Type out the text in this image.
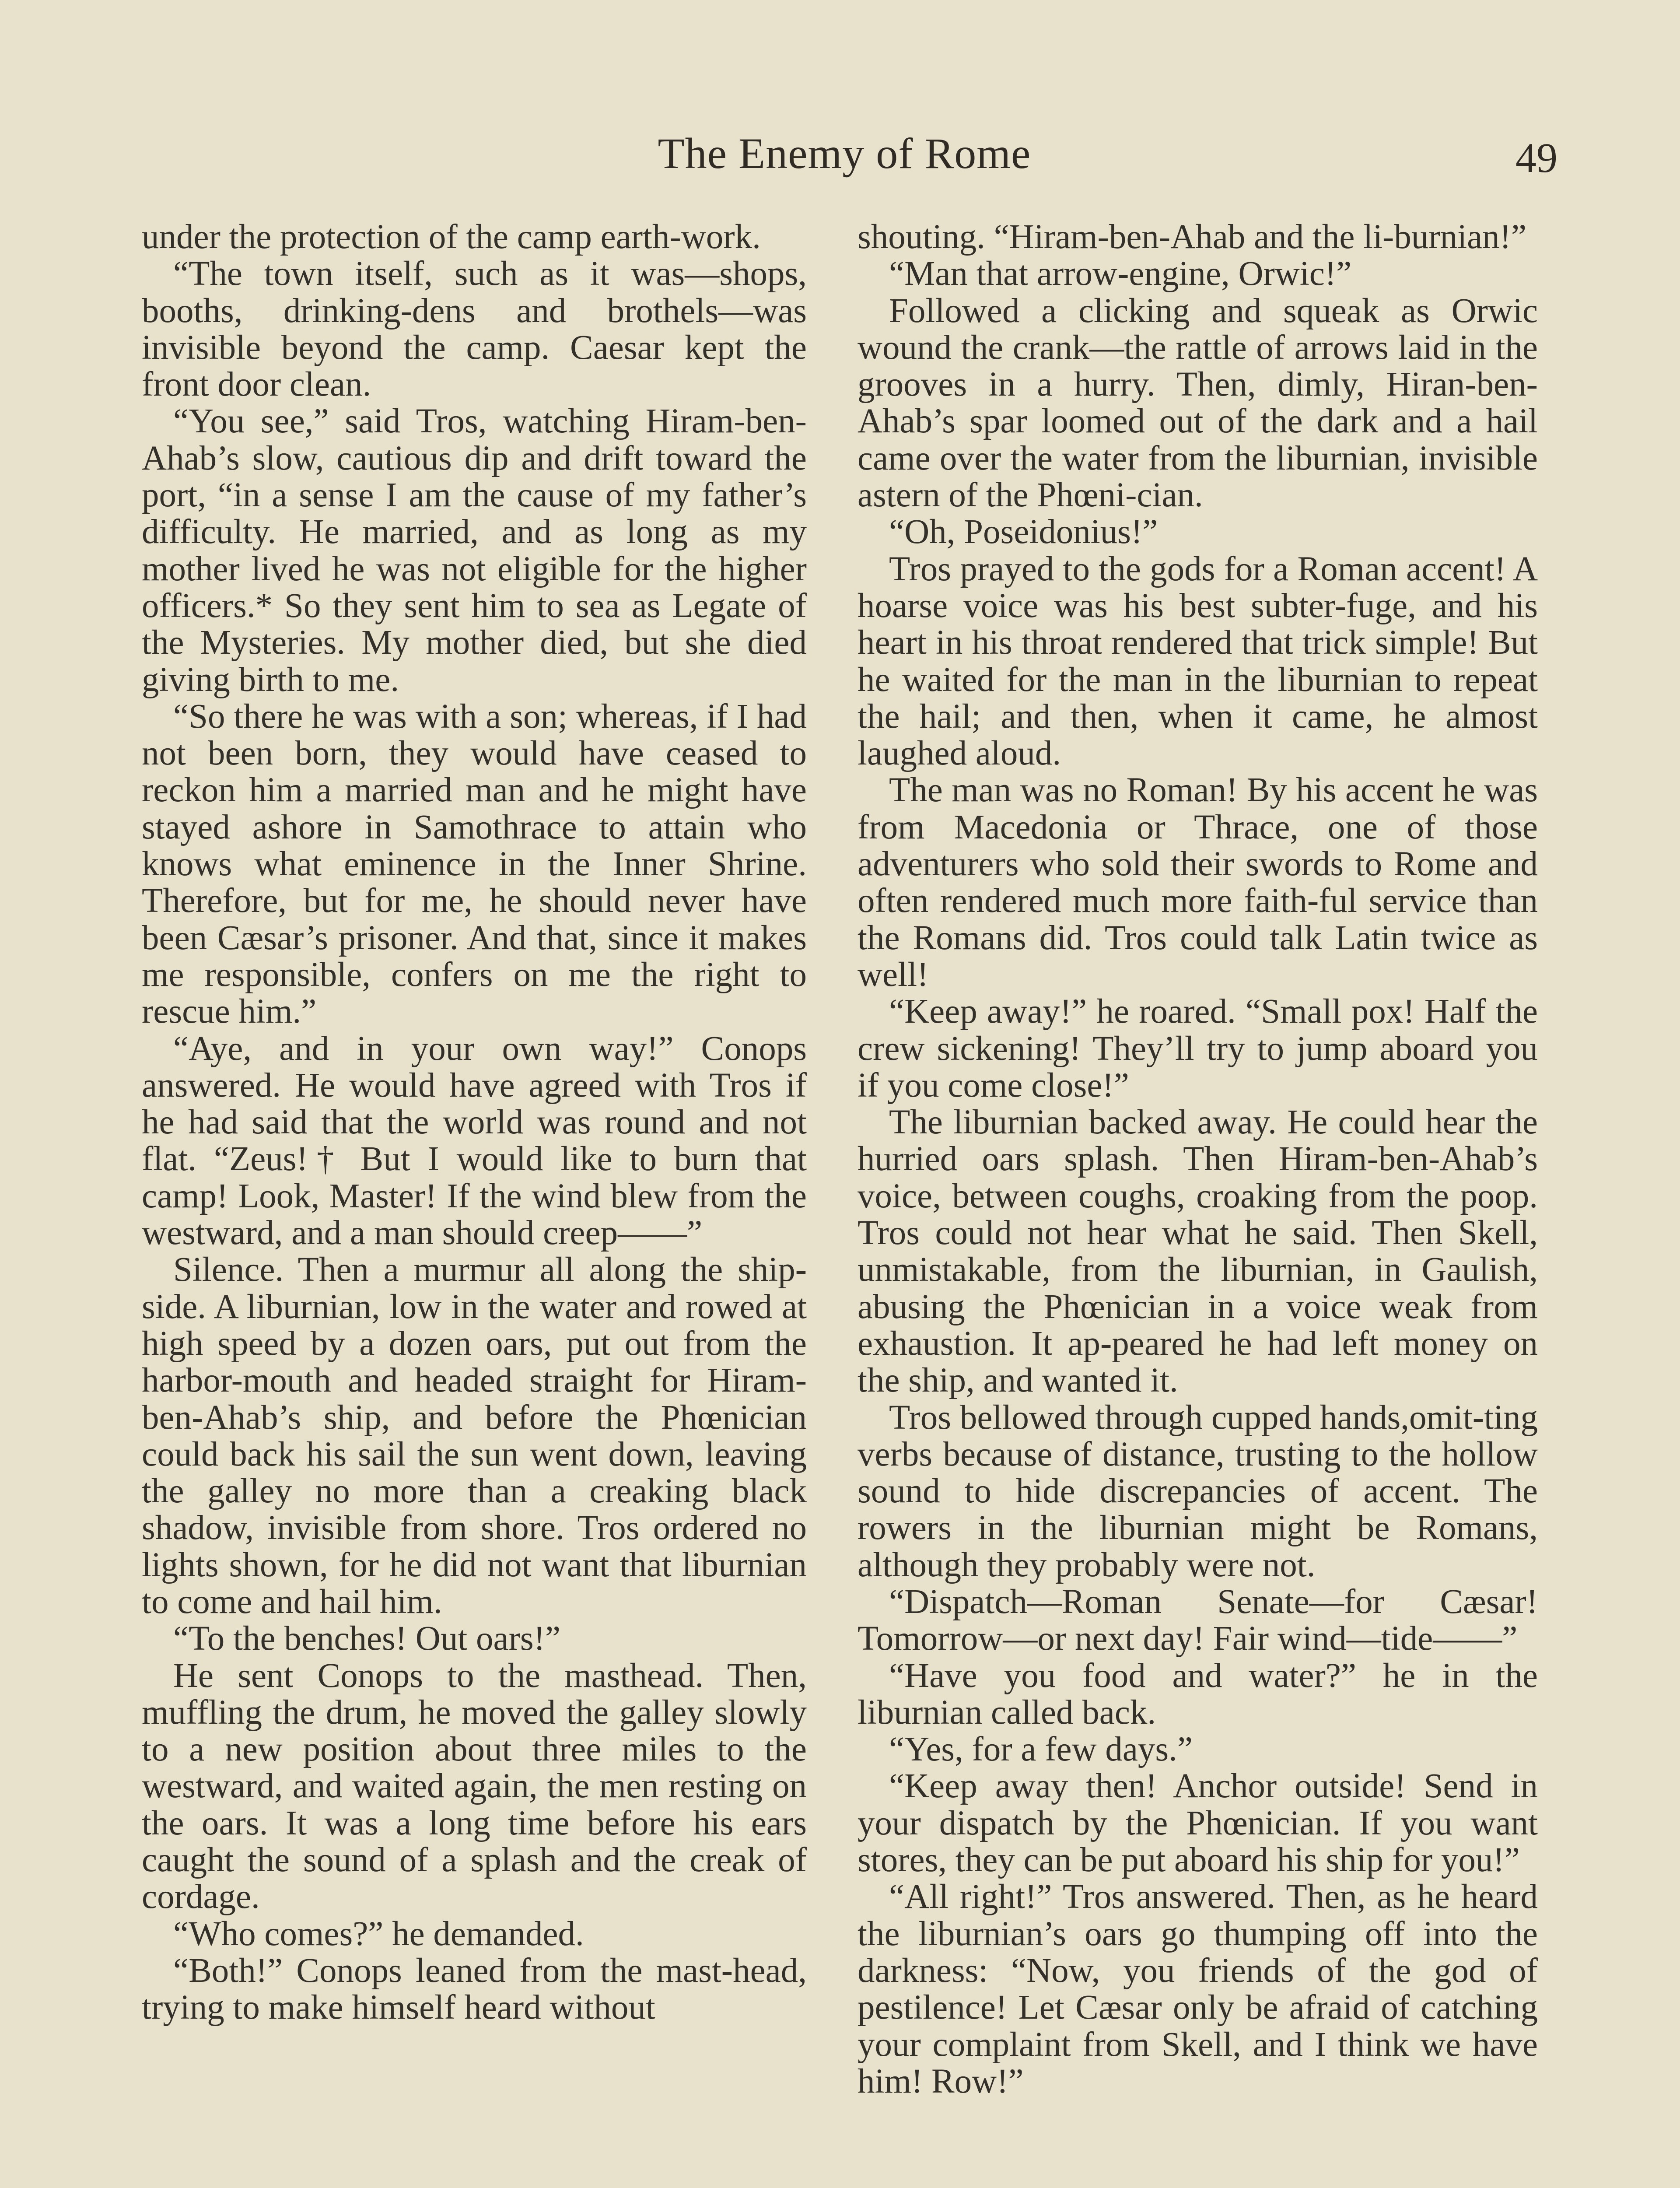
The Enemy of Rome	49

under the protection of the camp earth-work.

“The town itself, such as it was—shops, booths, drinking-dens and brothels—was invisible beyond the camp. Caesar kept the front door clean.

“You see,” said Tros, watching Hiram-ben-Ahab’s slow, cautious dip and drift toward the port, “in a sense I am the cause of my father’s difficulty. He married, and as long as my mother lived he was not eligible for the higher officers.* So they sent him to sea as Legate of the Mysteries. My mother died, but she died giving birth to me.

“So there he was with a son; whereas, if I had not been born, they would have ceased to reckon him a married man and he might have stayed ashore in Samothrace to attain who knows what eminence in the Inner Shrine. Therefore, but for me, he should never have been Cæsar’s prisoner. And that, since it makes me responsible, confers on me the right to rescue him.”

“Aye, and in your own way!” Conops answered. He would have agreed with Tros if he had said that the world was round and not flat. “Zeus!† But I would like to burn that camp! Look, Master! If the wind blew from the westward, and a man should creep——”

Silence. Then a murmur all along the ship-side. A liburnian, low in the water and rowed at high speed by a dozen oars, put out from the harbor-mouth and headed straight for Hiram-ben-Ahab’s ship, and before the Phœnician could back his sail the sun went down, leaving the galley no more than a creaking black shadow, invisible from shore. Tros ordered no lights shown, for he did not want that liburnian to come and hail him.

“To the benches! Out oars!”

He sent Conops to the masthead. Then, muffling the drum, he moved the galley slowly to a new position about three miles to the westward, and waited again, the men resting on the oars. It was a long time before his ears caught the sound of a splash and the creak of cordage.

“Who comes?” he demanded.

“Both!” Conops leaned from the mast-head, trying to make himself heard without

shouting. “Hiram-ben-Ahab and the li-burnian!”

“Man that arrow-engine, Orwic!”

Followed a clicking and squeak as Orwic wound the crank—the rattle of arrows laid in the grooves in a hurry. Then, dimly, Hiran-ben-Ahab’s spar loomed out of the dark and a hail came over the water from the liburnian, invisible astern of the Phœni-cian.

“Oh, Poseidonius!”

Tros prayed to the gods for a Roman accent! A hoarse voice was his best subter-fuge, and his heart in his throat rendered that trick simple! But he waited for the man in the liburnian to repeat the hail; and then, when it came, he almost laughed aloud.

The man was no Roman! By his accent he was from Macedonia or Thrace, one of those adventurers who sold their swords to Rome and often rendered much more faith-ful service than the Romans did. Tros could talk Latin twice as well!

“Keep away!” he roared. “Small pox! Half the crew sickening! They’ll try to jump aboard you if you come close!”

The liburnian backed away. He could hear the hurried oars splash. Then Hiram-ben-Ahab’s voice, between coughs, croaking from the poop. Tros could not hear what he said. Then Skell, unmistakable, from the liburnian, in Gaulish, abusing the Phœnician in a voice weak from exhaustion. It ap-peared he had left money on the ship, and wanted it.

Tros bellowed through cupped hands,omit-ting verbs because of distance, trusting to the hollow sound to hide discrepancies of accent. The rowers in the liburnian might be Romans, although they probably were not.

“Dispatch—Roman Senate—for Cæsar! Tomorrow—or next day! Fair wind—tide——”

“Have you food and water?” he in the liburnian called back.

“Yes, for a few days.”

“Keep away then! Anchor outside! Send in your dispatch by the Phœnician. If you want stores, they can be put aboard his ship for you!”

“All right!” Tros answered. Then, as he heard the liburnian’s oars go thumping off into the darkness: “Now, you friends of the god of pestilence! Let Cæsar only be afraid of catching your complaint from Skell, and I think we have him! Row!”
